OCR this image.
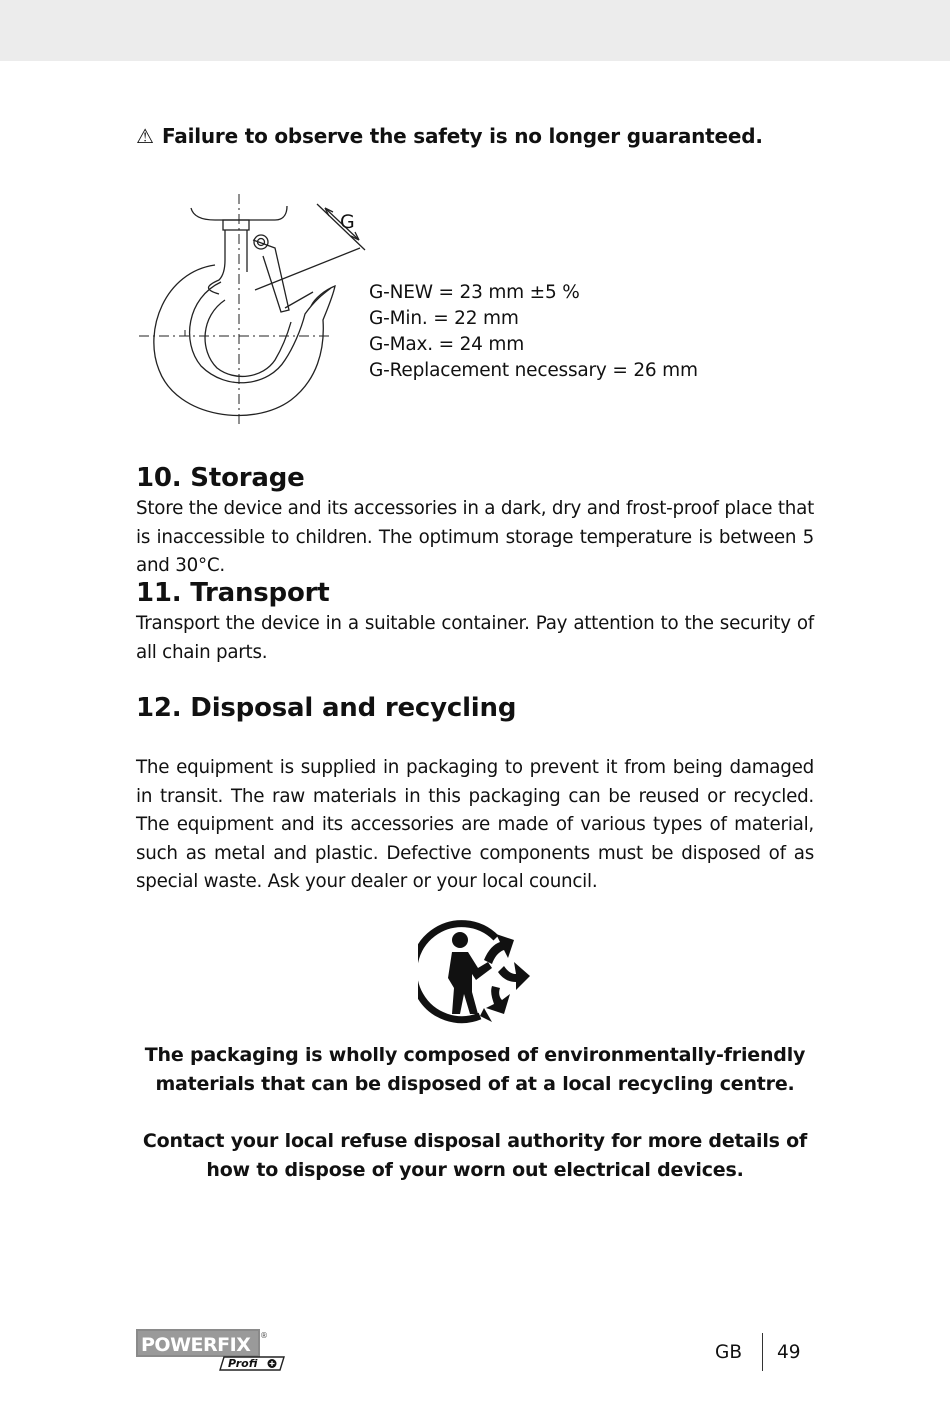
⚠ Failure to observe the safety is no longer guaranteed.
G
G-NEW = 23 mm ±5 %
G-Min. = 22 mm
G-Max. = 24 mm
G-Replacement necessary = 26 mm
10. Storage

Store the device and its accessories in a dark, dry and frost-proof place that is inaccessible to children. The optimum storage temperature is between 5 and 30°C.

11. Transport

Transport the device in a suitable container. Pay attention to the security of all chain parts.

12. Disposal and recycling

The equipment is supplied in packaging to prevent it from being damaged in transit. The raw materials in this packaging can be reused or recycled. The equipment and its accessories are made of various types of material, such as metal and plastic. Defective components must be disposed of as special waste. Ask your dealer or your local council.

The packaging is wholly composed of environmentally-friendly materials that can be disposed of at a local recycling centre.

Contact your local refuse disposal authority for more details of how to dispose of your worn out electrical devices.

POWERFIX ®
Profi
GB 49
